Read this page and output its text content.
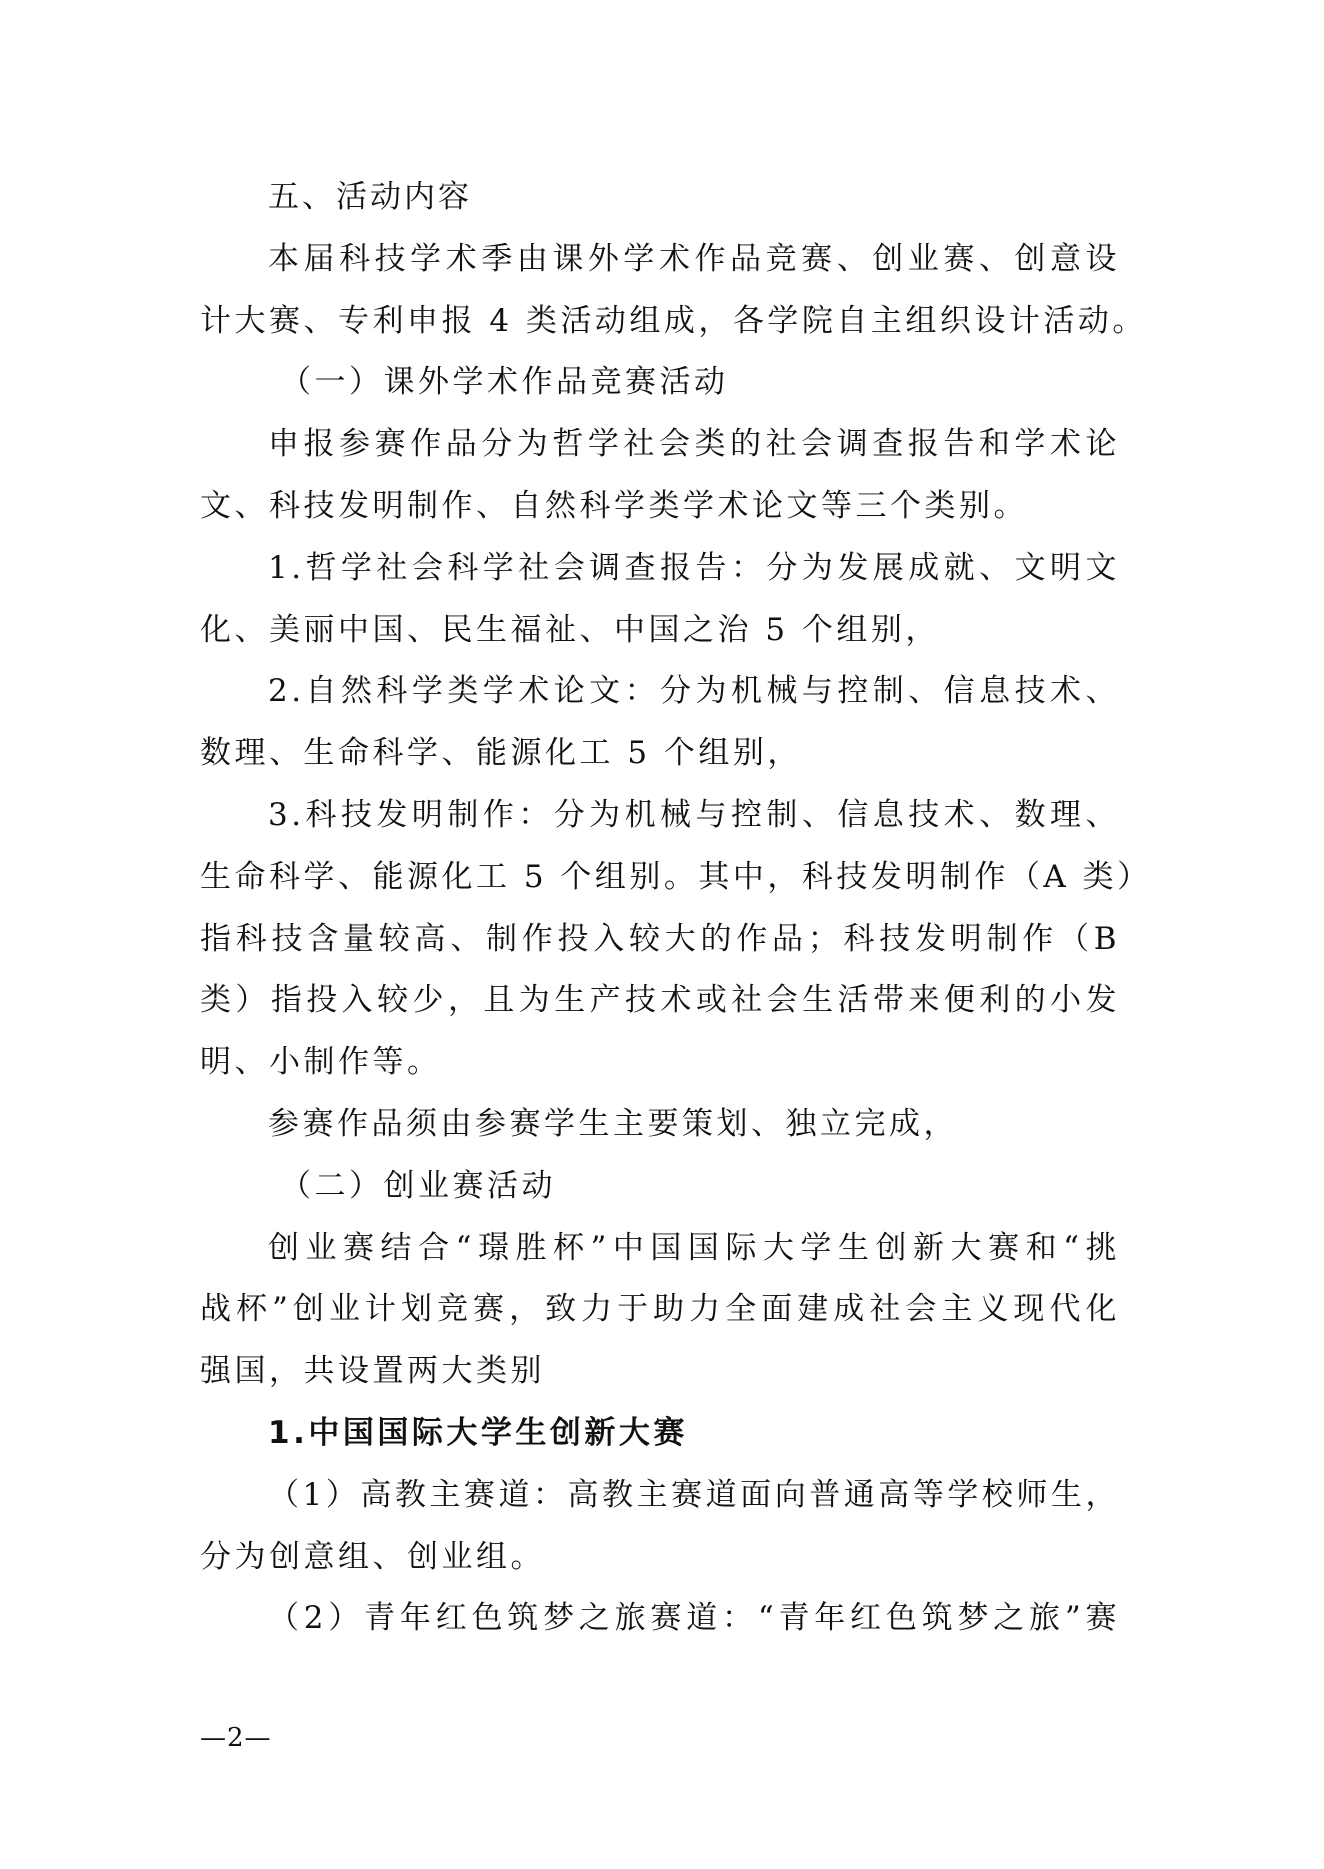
五、活动内容
本届科技学术季由课外学术作品竞赛、创业赛、创意设
计大赛、专利申报 4 类活动组成，各学院自主组织设计活动。
（一）课外学术作品竞赛活动
申报参赛作品分为哲学社会类的社会调查报告和学术论
文、科技发明制作、自然科学类学术论文等三个类别。
1.哲学社会科学社会调查报告：分为发展成就、文明文
化、美丽中国、民生福祉、中国之治 5 个组别，
2.自然科学类学术论文：分为机械与控制、信息技术、
数理、生命科学、能源化工 5 个组别，
3.科技发明制作：分为机械与控制、信息技术、数理、
生命科学、能源化工 5 个组别。其中，科技发明制作（A 类）
指科技含量较高、制作投入较大的作品；科技发明制作（B
类）指投入较少，且为生产技术或社会生活带来便利的小发
明、小制作等。
参赛作品须由参赛学生主要策划、独立完成，
（二）创业赛活动
创业赛结合“璟胜杯”中国国际大学生创新大赛和“挑
战杯”创业计划竞赛，致力于助力全面建成社会主义现代化
强国，共设置两大类别
1.中国国际大学生创新大赛
（1）高教主赛道：高教主赛道面向普通高等学校师生，
分为创意组、创业组。
（2）青年红色筑梦之旅赛道：“青年红色筑梦之旅”赛
—2—
